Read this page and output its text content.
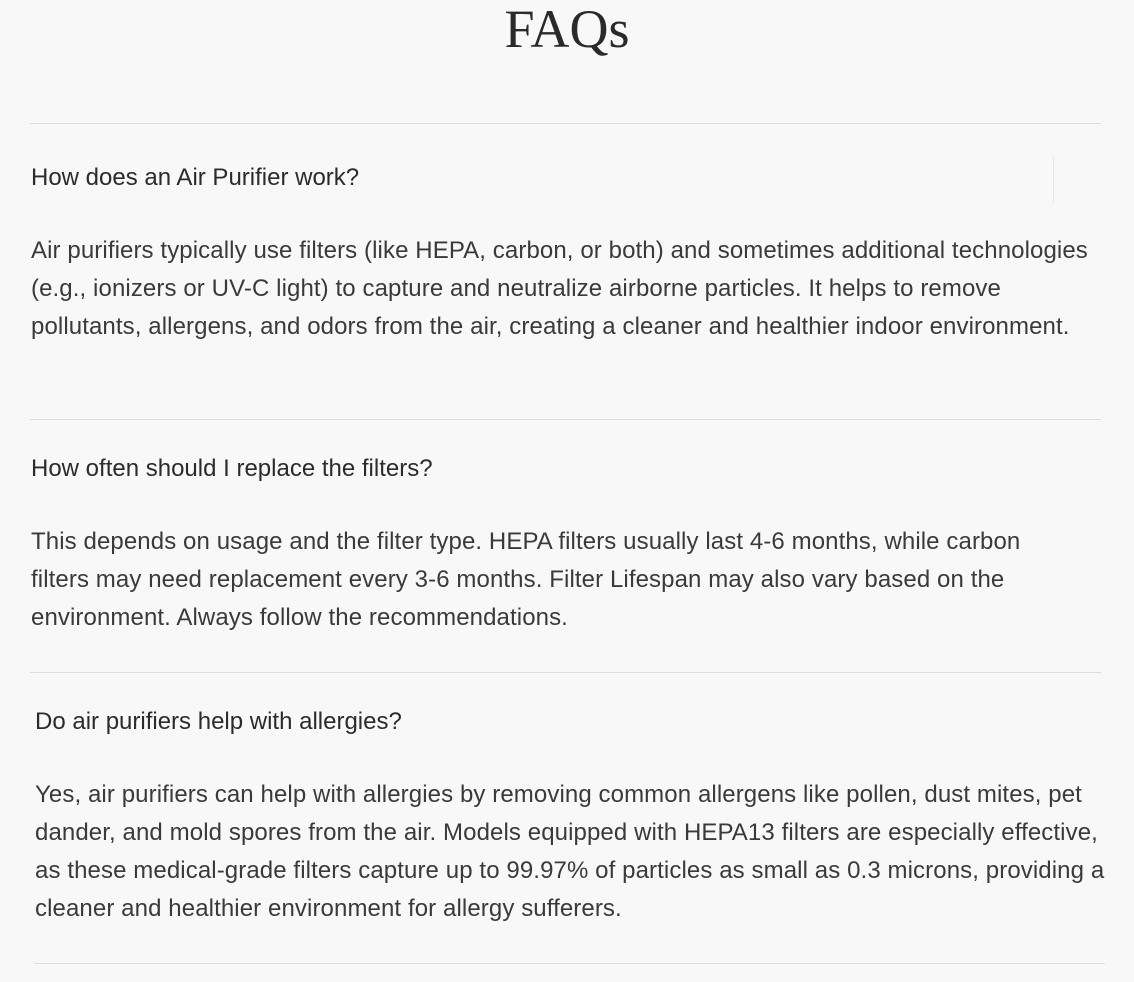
FAQs
How does an Air Purifier work?

Air purifiers typically use filters (like HEPA, carbon, or both) and sometimes additional technologies (e.g., ionizers or UV-C light) to capture and neutralize airborne particles. It helps to remove pollutants, allergens, and odors from the air, creating a cleaner and healthier indoor environment.

How often should I replace the filters?

This depends on usage and the filter type. HEPA filters usually last 4-6 months, while carbon filters may need replacement every 3-6 months. Filter Lifespan may also vary based on the environment. Always follow the recommendations.

Do air purifiers help with allergies?

Yes, air purifiers can help with allergies by removing common allergens like pollen, dust mites, pet dander, and mold spores from the air. Models equipped with HEPA13 filters are especially effective, as these medical-grade filters capture up to 99.97% of particles as small as 0.3 microns, providing a cleaner and healthier environment for allergy sufferers.
